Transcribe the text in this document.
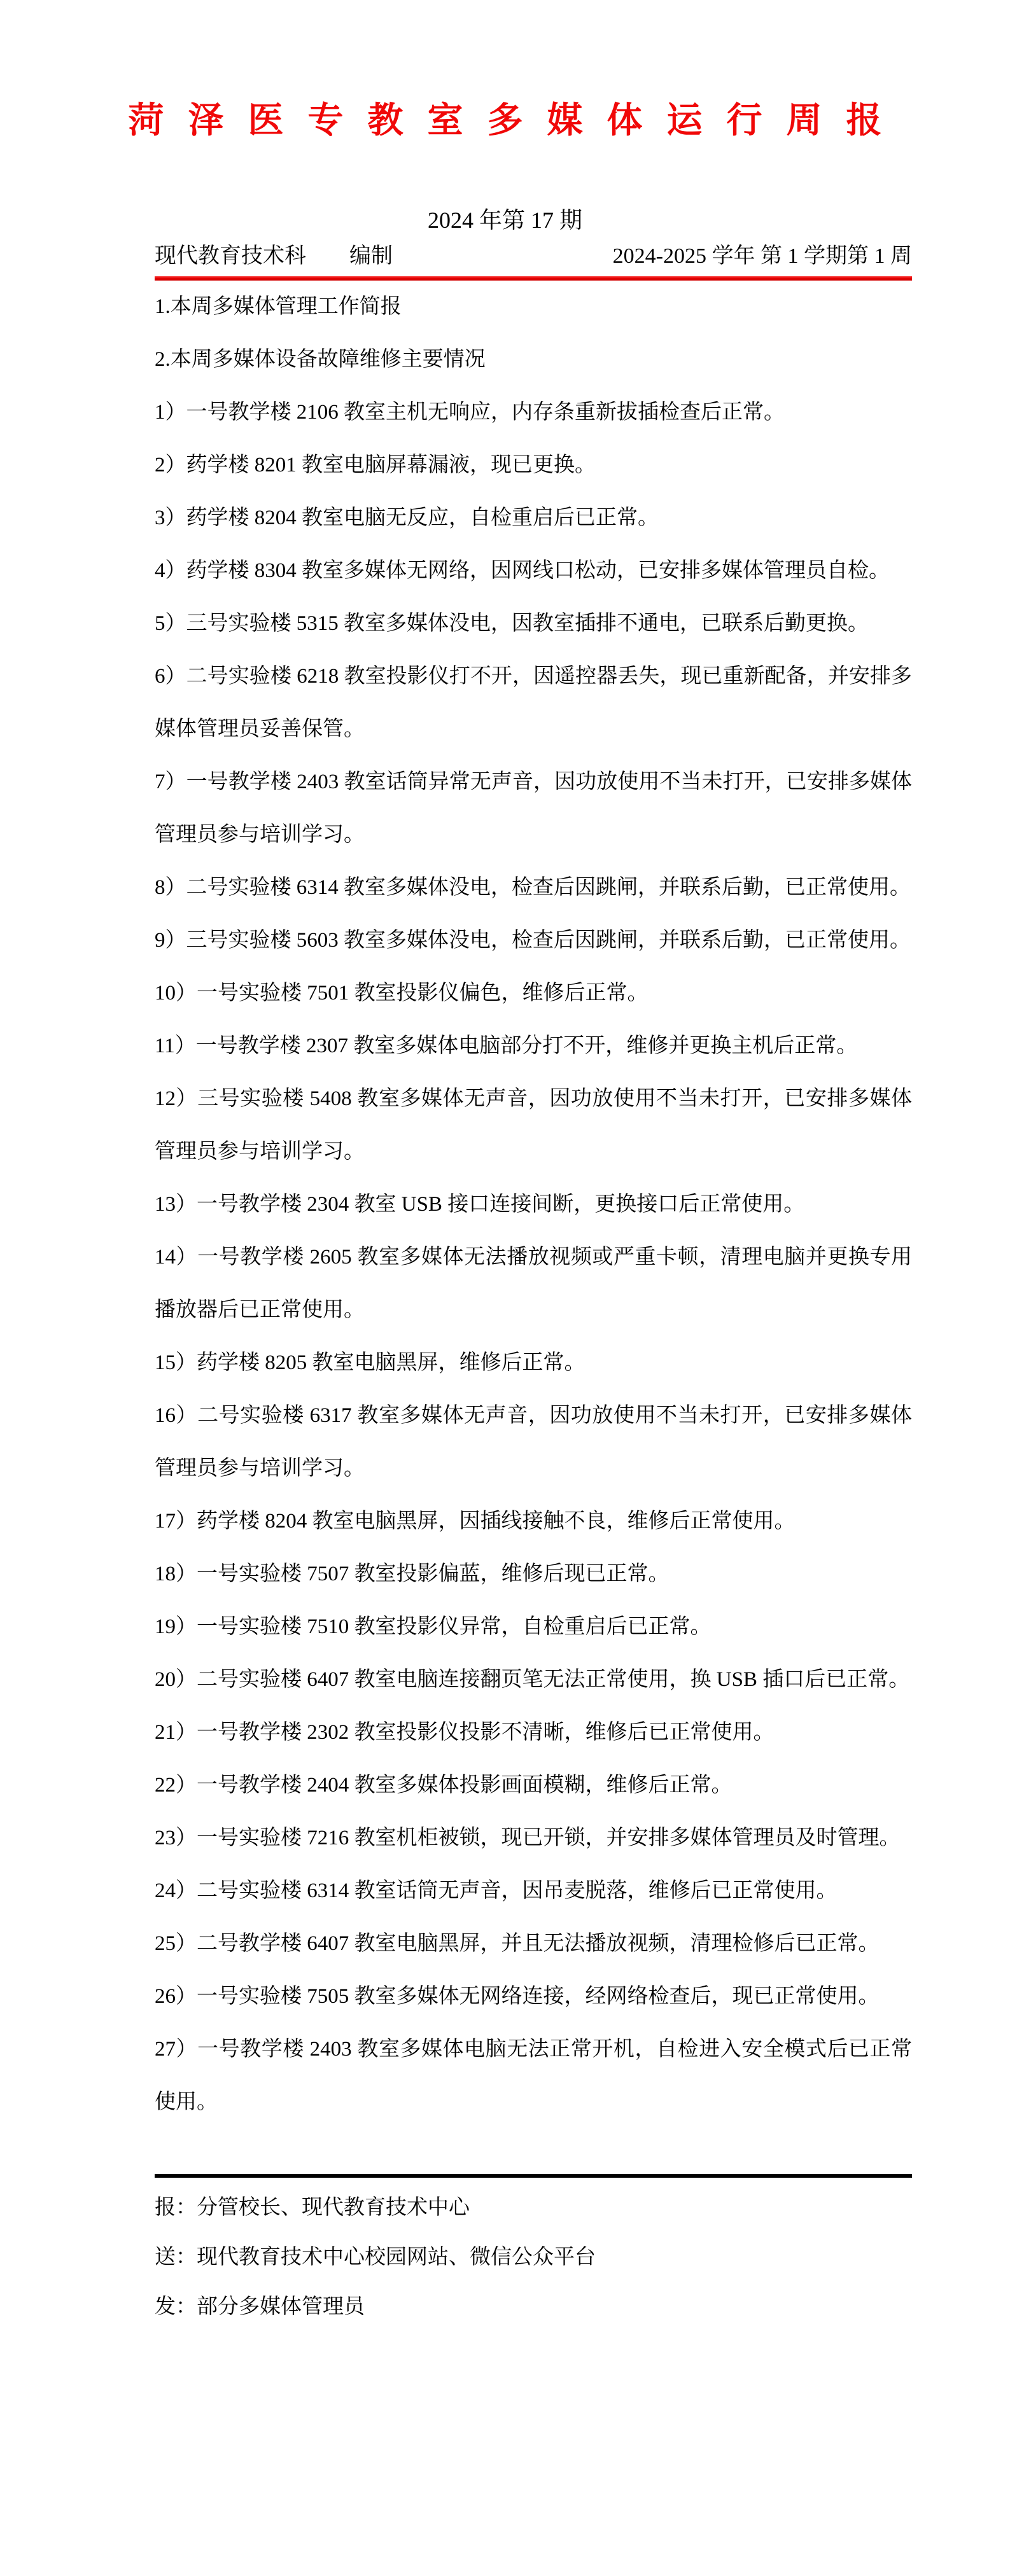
菏泽医专教室多媒体运行周报
2024 年第 17 期
现代教育技术科　　编制	2024-2025 学年 第 1 学期第 1 周

1.本周多媒体管理工作简报

2.本周多媒体设备故障维修主要情况

1）一号教学楼 2106 教室主机无响应，内存条重新拔插检查后正常。

2）药学楼 8201 教室电脑屏幕漏液，现已更换。

3）药学楼 8204 教室电脑无反应，自检重启后已正常。

4）药学楼 8304 教室多媒体无网络，因网线口松动，已安排多媒体管理员自检。

5）三号实验楼 5315 教室多媒体没电，因教室插排不通电，已联系后勤更换。

6）二号实验楼 6218 教室投影仪打不开，因遥控器丢失，现已重新配备，并安排多媒体管理员妥善保管。

7）一号教学楼 2403 教室话筒异常无声音，因功放使用不当未打开，已安排多媒体管理员参与培训学习。

8）二号实验楼 6314 教室多媒体没电，检查后因跳闸，并联系后勤，已正常使用。

9）三号实验楼 5603 教室多媒体没电，检查后因跳闸，并联系后勤，已正常使用。

10）一号实验楼 7501 教室投影仪偏色，维修后正常。

11）一号教学楼 2307 教室多媒体电脑部分打不开，维修并更换主机后正常。

12）三号实验楼 5408 教室多媒体无声音，因功放使用不当未打开，已安排多媒体管理员参与培训学习。

13）一号教学楼 2304 教室 USB 接口连接间断，更换接口后正常使用。

14）一号教学楼 2605 教室多媒体无法播放视频或严重卡顿，清理电脑并更换专用播放器后已正常使用。

15）药学楼 8205 教室电脑黑屏，维修后正常。

16）二号实验楼 6317 教室多媒体无声音，因功放使用不当未打开，已安排多媒体管理员参与培训学习。

17）药学楼 8204 教室电脑黑屏，因插线接触不良，维修后正常使用。

18）一号实验楼 7507 教室投影偏蓝，维修后现已正常。

19）一号实验楼 7510 教室投影仪异常，自检重启后已正常。

20）二号实验楼 6407 教室电脑连接翻页笔无法正常使用，换 USB 插口后已正常。

21）一号教学楼 2302 教室投影仪投影不清晰，维修后已正常使用。

22）一号教学楼 2404 教室多媒体投影画面模糊，维修后正常。

23）一号实验楼 7216 教室机柜被锁，现已开锁，并安排多媒体管理员及时管理。

24）二号实验楼 6314 教室话筒无声音，因吊麦脱落，维修后已正常使用。

25）二号教学楼 6407 教室电脑黑屏，并且无法播放视频，清理检修后已正常。

26）一号实验楼 7505 教室多媒体无网络连接，经网络检查后，现已正常使用。

27）一号教学楼 2403 教室多媒体电脑无法正常开机，自检进入安全模式后已正常使用。

报：分管校长、现代教育技术中心

送：现代教育技术中心校园网站、微信公众平台

发：部分多媒体管理员
